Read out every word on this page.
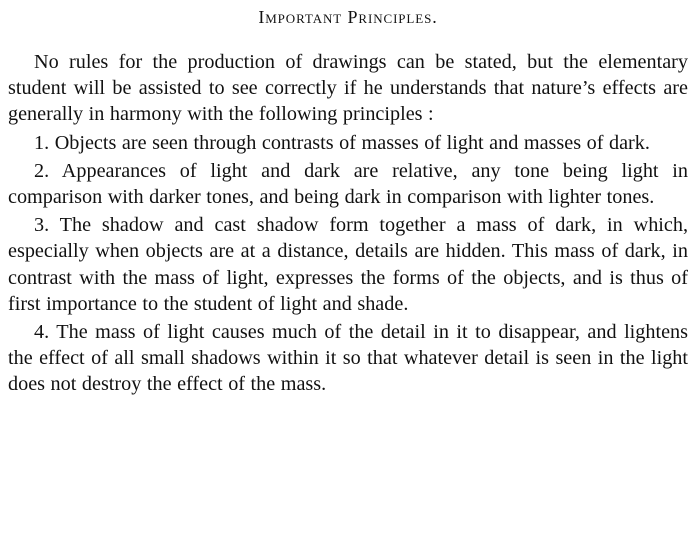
Important Principles.

No rules for the production of drawings can be stated, but the elementary student will be assisted to see correctly if he understands that nature’s effects are generally in harmony with the following principles :

1. Objects are seen through contrasts of masses of light and masses of dark.

2. Appearances of light and dark are relative, any tone being light in comparison with darker tones, and being dark in comparison with lighter tones.

3. The shadow and cast shadow form together a mass of dark, in which, especially when objects are at a distance, details are hidden. This mass of dark, in contrast with the mass of light, expresses the forms of the objects, and is thus of first importance to the student of light and shade.

4. The mass of light causes much of the detail in it to disappear, and lightens the effect of all small shadows within it so that whatever detail is seen in the light does not destroy the effect of the mass.
